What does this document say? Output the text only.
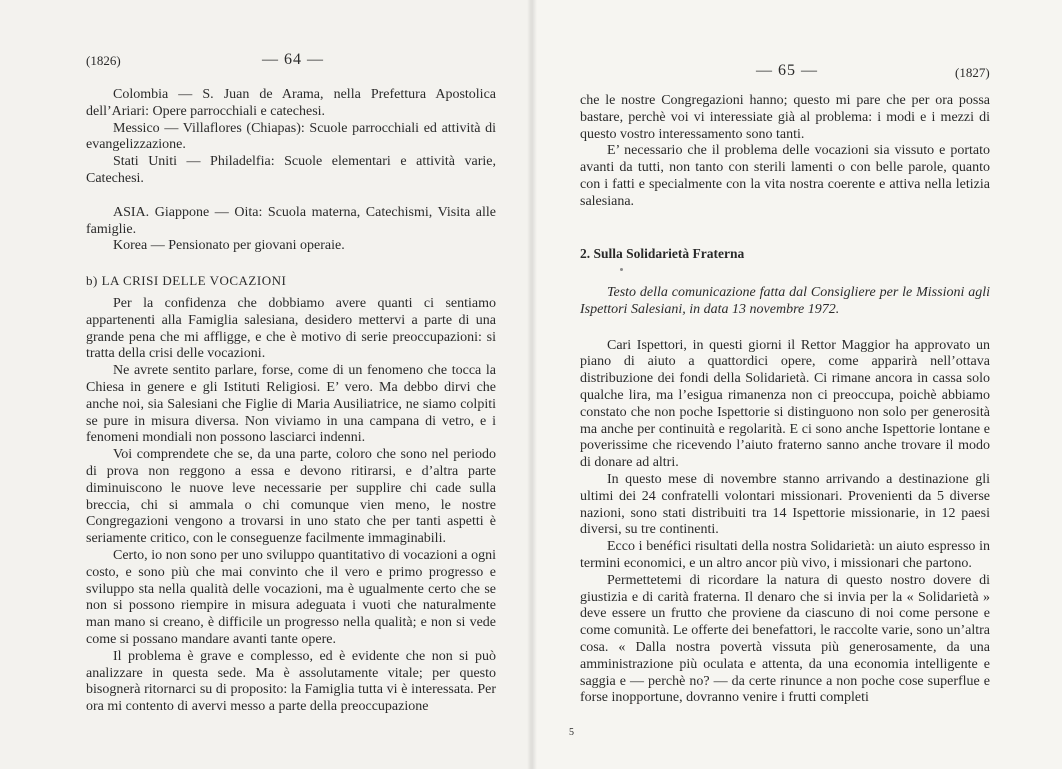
(1826)	— 64 —

Colombia — S. Juan de Arama, nella Prefettura Apostolica dell’Ariari: Opere parrocchiali e catechesi.

Messico — Villaflores (Chiapas): Scuole parrocchiali ed attività di evangelizzazione.

Stati Uniti — Philadelfia: Scuole elementari e attività varie, Catechesi.

ASIA. Giappone — Oita: Scuola materna, Catechismi, Visita alle famiglie.

Korea — Pensionato per giovani operaie.

b) LA CRISI DELLE VOCAZIONI

Per la confidenza che dobbiamo avere quanti ci sentiamo appartenenti alla Famiglia salesiana, desidero mettervi a parte di una grande pena che mi affligge, e che è motivo di serie preoccupazioni: si tratta della crisi delle vocazioni.

Ne avrete sentito parlare, forse, come di un fenomeno che tocca la Chiesa in genere e gli Istituti Religiosi. E’ vero. Ma debbo dirvi che anche noi, sia Salesiani che Figlie di Maria Ausiliatrice, ne siamo colpiti se pure in misura diversa. Non viviamo in una campana di vetro, e i fenomeni mondiali non possono lasciarci indenni.

Voi comprendete che se, da una parte, coloro che sono nel periodo di prova non reggono a essa e devono ritirarsi, e d’altra parte diminuiscono le nuove leve necessarie per supplire chi cade sulla breccia, chi si ammala o chi comunque vien meno, le nostre Congregazioni vengono a trovarsi in uno stato che per tanti aspetti è seriamente critico, con le conseguenze facilmente immaginabili.

Certo, io non sono per uno sviluppo quantitativo di vocazioni a ogni costo, e sono più che mai convinto che il vero e primo progresso e sviluppo sta nella qualità delle vocazioni, ma è ugualmente certo che se non si possono riempire in misura adeguata i vuoti che naturalmente man mano si creano, è difficile un progresso nella qualità; e non si vede come si possano mandare avanti tante opere.

Il problema è grave e complesso, ed è evidente che non si può analizzare in questa sede. Ma è assolutamente vitale; per questo bisognerà ritornarci su di proposito: la Famiglia tutta vi è interessata. Per ora mi contento di avervi messo a parte della preoccupazione

— 65 —	(1827)

che le nostre Congregazioni hanno; questo mi pare che per ora possa bastare, perchè voi vi interessiate già al problema: i modi e i mezzi di questo vostro interessamento sono tanti.

E’ necessario che il problema delle vocazioni sia vissuto e portato avanti da tutti, non tanto con sterili lamenti o con belle parole, quanto con i fatti e specialmente con la vita nostra coerente e attiva nella letizia salesiana.

2. Sulla Solidarietà Fraterna

Testo della comunicazione fatta dal Consigliere per le Missioni agli Ispettori Salesiani, in data 13 novembre 1972.

Cari Ispettori, in questi giorni il Rettor Maggior ha approvato un piano di aiuto a quattordici opere, come apparirà nell’ottava distribuzione dei fondi della Solidarietà. Ci rimane ancora in cassa solo qualche lira, ma l’esigua rimanenza non ci preoccupa, poichè abbiamo constato che non poche Ispettorie si distinguono non solo per generosità ma anche per continuità e regolarità. E ci sono anche Ispettorie lontane e poverissime che ricevendo l’aiuto fraterno sanno anche trovare il modo di donare ad altri.

In questo mese di novembre stanno arrivando a destinazione gli ultimi dei 24 confratelli volontari missionari. Provenienti da 5 diverse nazioni, sono stati distribuiti tra 14 Ispettorie missionarie, in 12 paesi diversi, su tre continenti.

Ecco i benéfici risultati della nostra Solidarietà: un aiuto espresso in termini economici, e un altro ancor più vivo, i missionari che partono.

Permettetemi di ricordare la natura di questo nostro dovere di giustizia e di carità fraterna. Il denaro che si invia per la « Solidarietà » deve essere un frutto che proviene da ciascuno di noi come persone e come comunità. Le offerte dei benefattori, le raccolte varie, sono un’altra cosa. « Dalla nostra povertà vissuta più generosamente, da una amministrazione più oculata e attenta, da una economia intelligente e saggia e — perchè no? — da certe rinunce a non poche cose superflue e forse inopportune, dovranno venire i frutti completi

5
